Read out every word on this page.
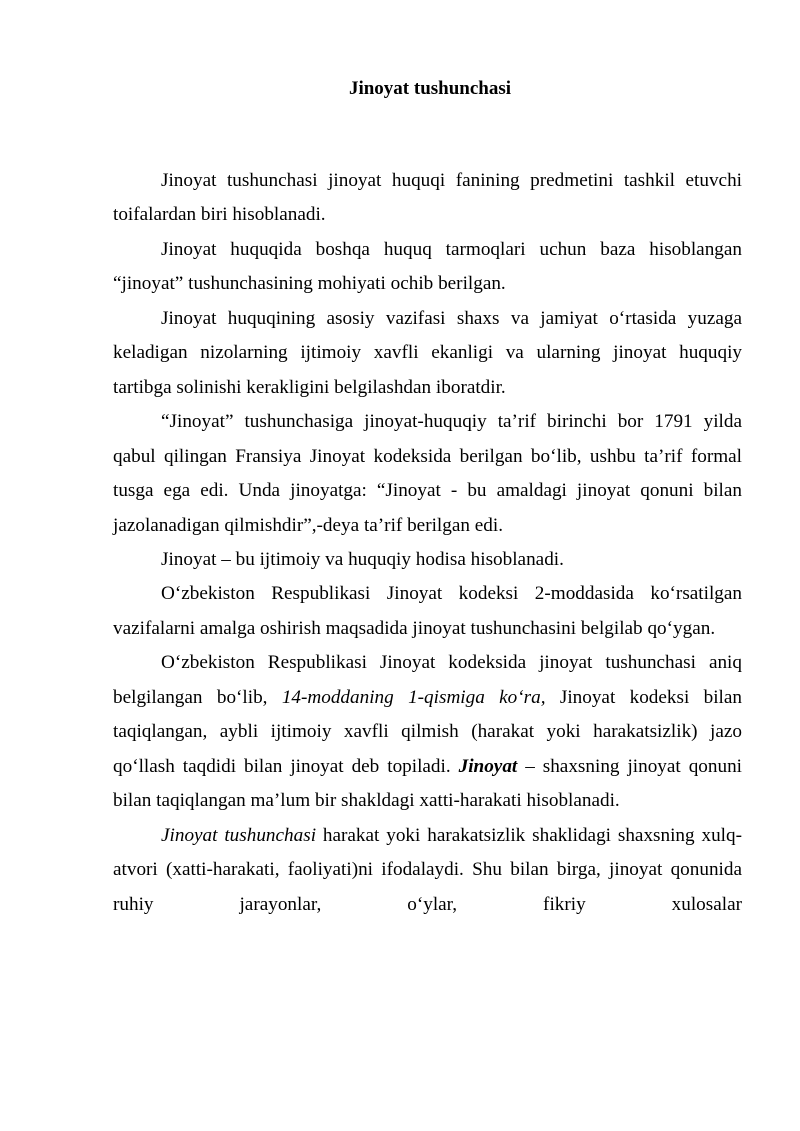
Jinoyat tushunchasi

Jinoyat tushunchasi jinoyat huquqi fanining predmetini tashkil etuvchi toifalardan biri hisoblanadi.

Jinoyat huquqida boshqa huquq tarmoqlari uchun baza hisoblangan “jinoyat” tushunchasining mohiyati ochib berilgan.

Jinoyat huquqining asosiy vazifasi shaxs va jamiyat o‘rtasida yuzaga keladigan nizolarning ijtimoiy xavfli ekanligi va ularning jinoyat huquqiy tartibga solinishi kerakligini belgilashdan iboratdir.

“Jinoyat” tushunchasiga jinoyat-huquqiy ta’rif birinchi bor 1791 yilda qabul qilingan Fransiya Jinoyat kodeksida berilgan bo‘lib, ushbu ta’rif formal tusga ega edi. Unda jinoyatga: “Jinoyat - bu amaldagi jinoyat qonuni bilan jazolanadigan qilmishdir”,-deya ta’rif berilgan edi.

Jinoyat – bu ijtimoiy va huquqiy hodisa hisoblanadi.

O‘zbekiston Respublikasi Jinoyat kodeksi 2-moddasida ko‘rsatilgan vazifalarni amalga oshirish maqsadida jinoyat tushunchasini belgilab qo‘ygan.

O‘zbekiston Respublikasi Jinoyat kodeksida jinoyat tushunchasi aniq belgilangan bo‘lib, 14-moddaning 1-qismiga ko‘ra, Jinoyat kodeksi bilan taqiqlangan, aybli ijtimoiy xavfli qilmish (harakat yoki harakatsizlik) jazo qo‘llash taqdidi bilan jinoyat deb topiladi. Jinoyat – shaxsning jinoyat qonuni bilan taqiqlangan ma’lum bir shakldagi xatti-harakati hisoblanadi.

Jinoyat tushunchasi harakat yoki harakatsizlik shaklidagi shaxsning xulq-atvori (xatti-harakati, faoliyati)ni ifodalaydi. Shu bilan birga, jinoyat qonunida ruhiy jarayonlar, o‘ylar, fikriy xulosalar
